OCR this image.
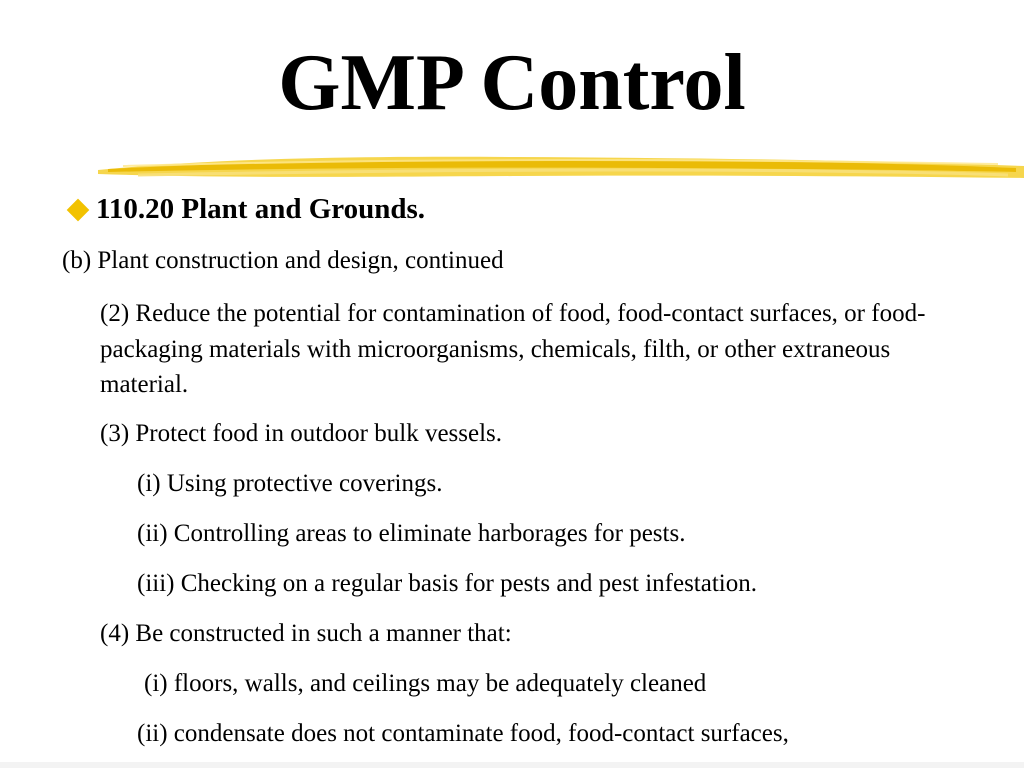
GMP Control
110.20 Plant and Grounds.
(b) Plant construction and design, continued
(2) Reduce the potential for contamination of food, food-contact surfaces, or food-packaging materials with microorganisms, chemicals, filth, or other extraneous material.
(3) Protect food in outdoor bulk vessels.
(i) Using protective coverings.
(ii) Controlling areas to eliminate harborages for pests.
(iii) Checking on a regular basis for pests and pest infestation.
(4) Be constructed in such a manner that:
(i) floors, walls, and ceilings may be adequately cleaned
(ii) condensate does not contaminate food, food-contact surfaces,
